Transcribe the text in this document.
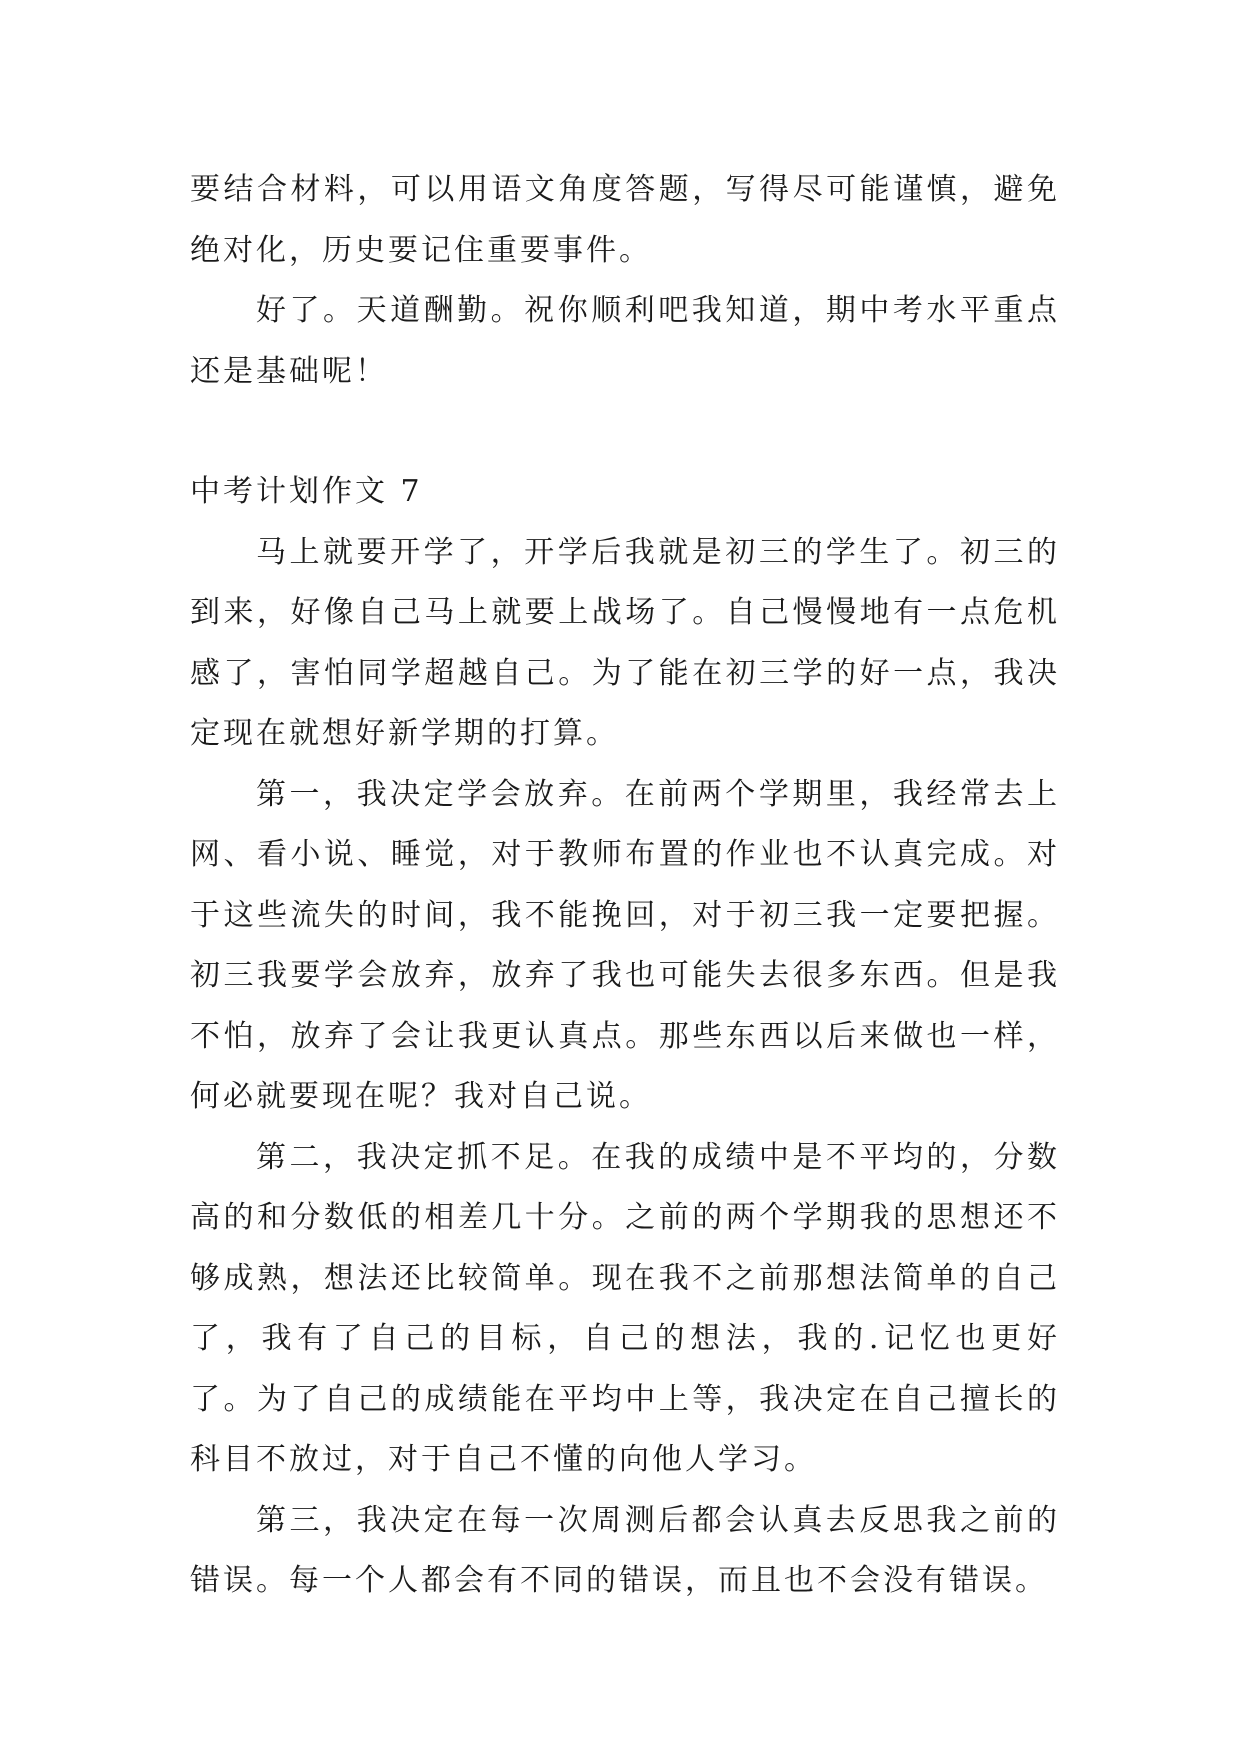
要结合材料，可以用语文角度答题，写得尽可能谨慎，避免绝对化，历史要记住重要事件。

好了。天道酬勤。祝你顺利吧我知道，期中考水平重点还是基础呢！

中考计划作文 7

马上就要开学了，开学后我就是初三的学生了。初三的到来，好像自己马上就要上战场了。自己慢慢地有一点危机感了，害怕同学超越自己。为了能在初三学的好一点，我决定现在就想好新学期的打算。

第一，我决定学会放弃。在前两个学期里，我经常去上网、看小说、睡觉，对于教师布置的作业也不认真完成。对于这些流失的时间，我不能挽回，对于初三我一定要把握。初三我要学会放弃，放弃了我也可能失去很多东西。但是我不怕，放弃了会让我更认真点。那些东西以后来做也一样，何必就要现在呢？我对自己说。

第二，我决定抓不足。在我的成绩中是不平均的，分数高的和分数低的相差几十分。之前的两个学期我的思想还不够成熟，想法还比较简单。现在我不之前那想法简单的自己了，我有了自己的目标，自己的想法，我的.记忆也更好了。为了自己的成绩能在平均中上等，我决定在自己擅长的科目不放过，对于自己不懂的向他人学习。

第三，我决定在每一次周测后都会认真去反思我之前的错误。每一个人都会有不同的错误，而且也不会没有错误。
